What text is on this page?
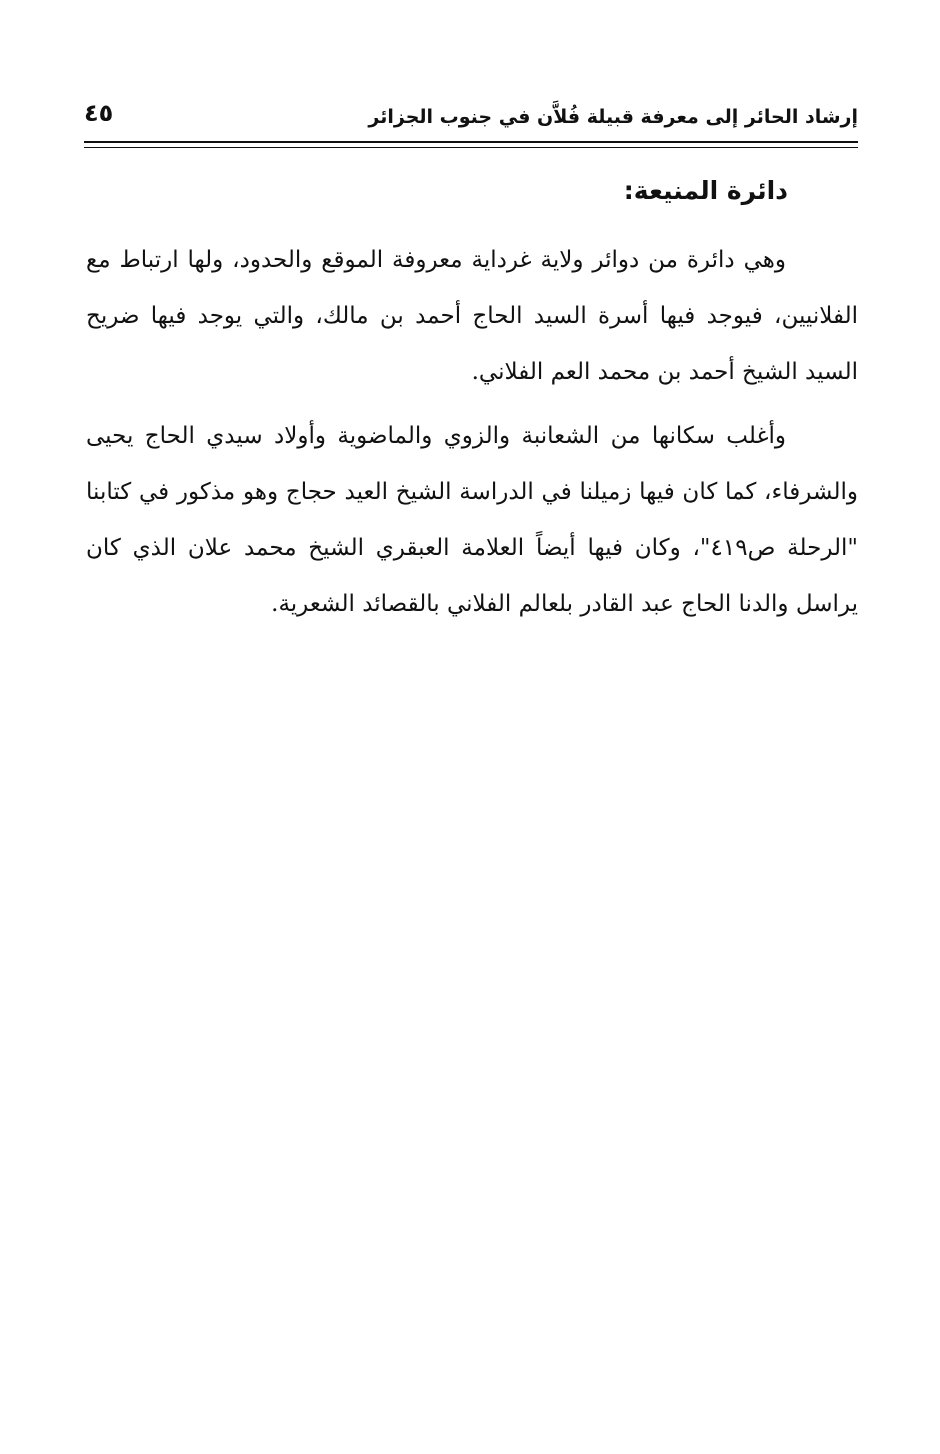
إرشاد الحائر إلى معرفة قبيلة فُلاَّن في جنوب الجزائر
٤٥
دائرة المنيعة:

وهي دائرة من دوائر ولاية غرداية معروفة الموقع والحدود، ولها ارتباط مع الفلانيين، فيوجد فيها أسرة السيد الحاج أحمد بن مالك، والتي يوجد فيها ضريح السيد الشيخ أحمد بن محمد العم الفلاني.

وأغلب سكانها من الشعانبة والزوي والماضوية وأولاد سيدي الحاج يحيى والشرفاء، كما كان فيها زميلنا في الدراسة الشيخ العيد حجاج وهو مذكور في كتابنا "الرحلة ص٤١٩"، وكان فيها أيضاً العلامة العبقري الشيخ محمد علان الذي كان يراسل والدنا الحاج عبد القادر بلعالم الفلاني بالقصائد الشعرية.
